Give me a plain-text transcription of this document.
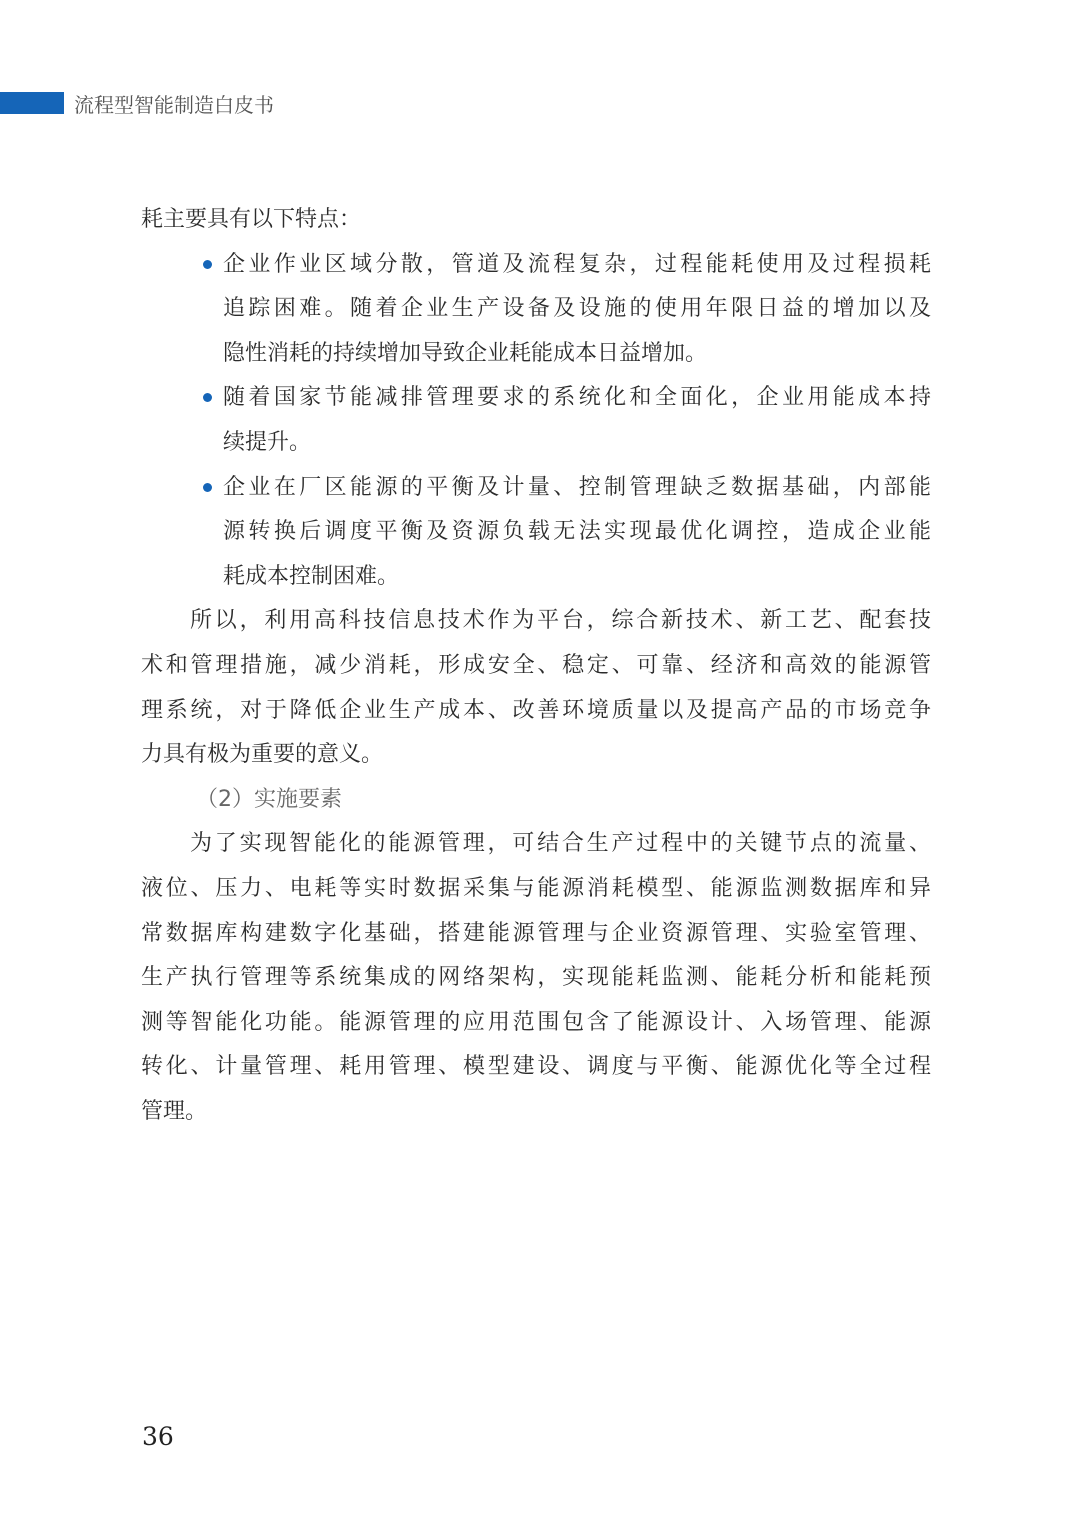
流程型智能制造白皮书
耗主要具有以下特点：
企业作业区域分散，管道及流程复杂，过程能耗使用及过程损耗
追踪困难。随着企业生产设备及设施的使用年限日益的增加以及
隐性消耗的持续增加导致企业耗能成本日益增加。
随着国家节能减排管理要求的系统化和全面化，企业用能成本持
续提升。
企业在厂区能源的平衡及计量、控制管理缺乏数据基础，内部能
源转换后调度平衡及资源负载无法实现最优化调控，造成企业能
耗成本控制困难。
所以，利用高科技信息技术作为平台，综合新技术、新工艺、配套技
术和管理措施，减少消耗，形成安全、稳定、可靠、经济和高效的能源管
理系统，对于降低企业生产成本、改善环境质量以及提高产品的市场竞争
力具有极为重要的意义。
（2）实施要素
为了实现智能化的能源管理，可结合生产过程中的关键节点的流量、
液位、压力、电耗等实时数据采集与能源消耗模型、能源监测数据库和异
常数据库构建数字化基础，搭建能源管理与企业资源管理、实验室管理、
生产执行管理等系统集成的网络架构，实现能耗监测、能耗分析和能耗预
测等智能化功能。能源管理的应用范围包含了能源设计、入场管理、能源
转化、计量管理、耗用管理、模型建设、调度与平衡、能源优化等全过程
管理。
36
